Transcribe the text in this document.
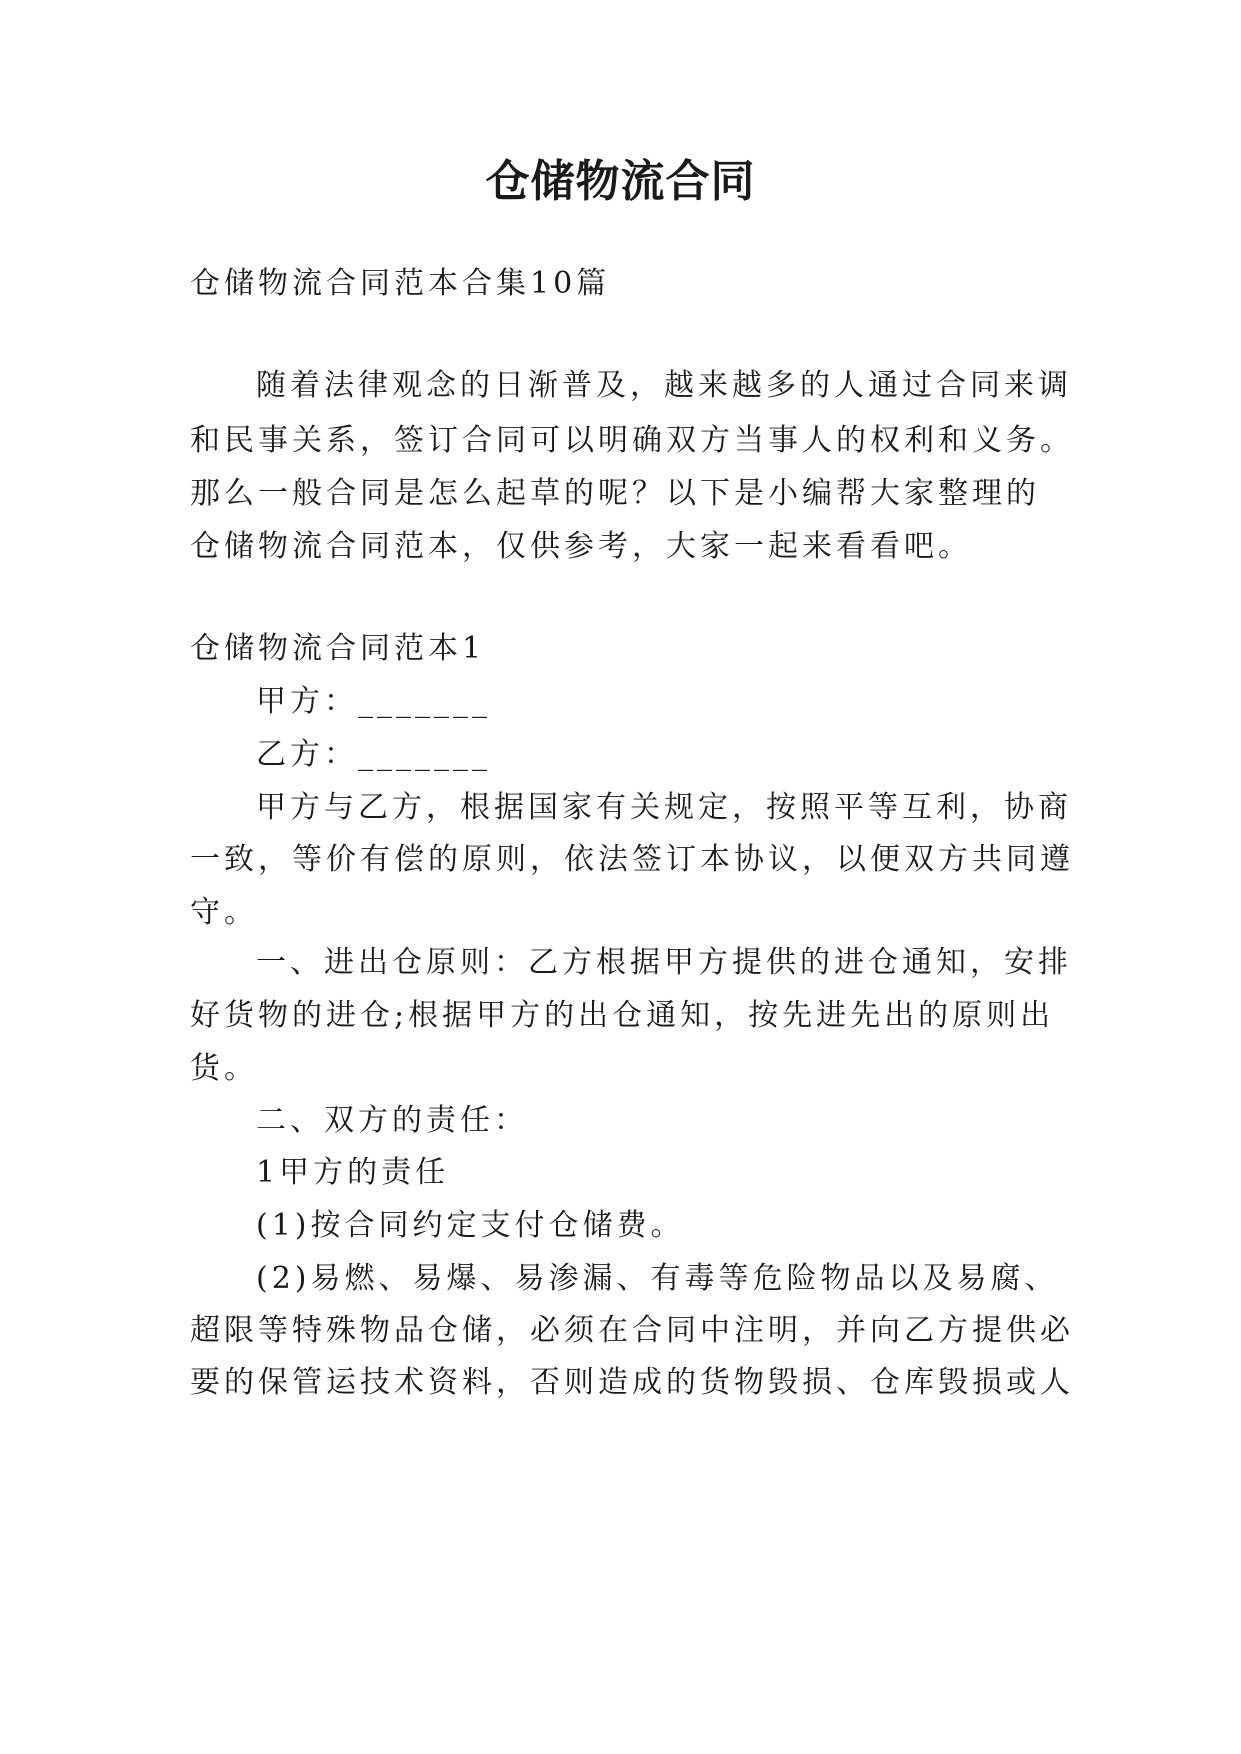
仓储物流合同
仓储物流合同范本合集10篇
随着法律观念的日渐普及，越来越多的人通过合同来调
和民事关系，签订合同可以明确双方当事人的权利和义务。
那么一般合同是怎么起草的呢？以下是小编帮大家整理的
仓储物流合同范本，仅供参考，大家一起来看看吧。
仓储物流合同范本1
甲方：_______
乙方：_______
甲方与乙方，根据国家有关规定，按照平等互利，协商
一致，等价有偿的原则，依法签订本协议，以便双方共同遵
守。
一、进出仓原则：乙方根据甲方提供的进仓通知，安排
好货物的进仓;根据甲方的出仓通知，按先进先出的原则出
货。
二、双方的责任：
1甲方的责任
(1)按合同约定支付仓储费。
(2)易燃、易爆、易渗漏、有毒等危险物品以及易腐、
超限等特殊物品仓储，必须在合同中注明，并向乙方提供必
要的保管运技术资料，否则造成的货物毁损、仓库毁损或人
